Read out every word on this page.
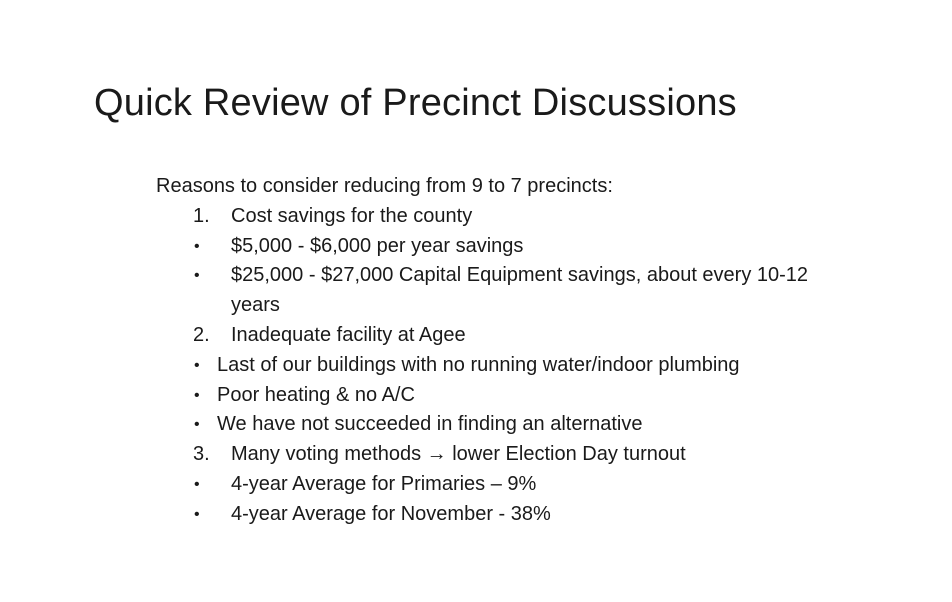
Quick Review of Precinct Discussions

Reasons to consider reducing from 9 to 7 precincts:

1. Cost savings for the county
• $5,000 - $6,000 per year savings
• $25,000 - $27,000 Capital Equipment savings, about every 10-12 years
2. Inadequate facility at Agee
• Last of our buildings with no running water/indoor plumbing
• Poor heating & no A/C
• We have not succeeded in finding an alternative
3. Many voting methods → lower Election Day turnout
• 4-year Average for Primaries – 9%
• 4-year Average for November - 38%
